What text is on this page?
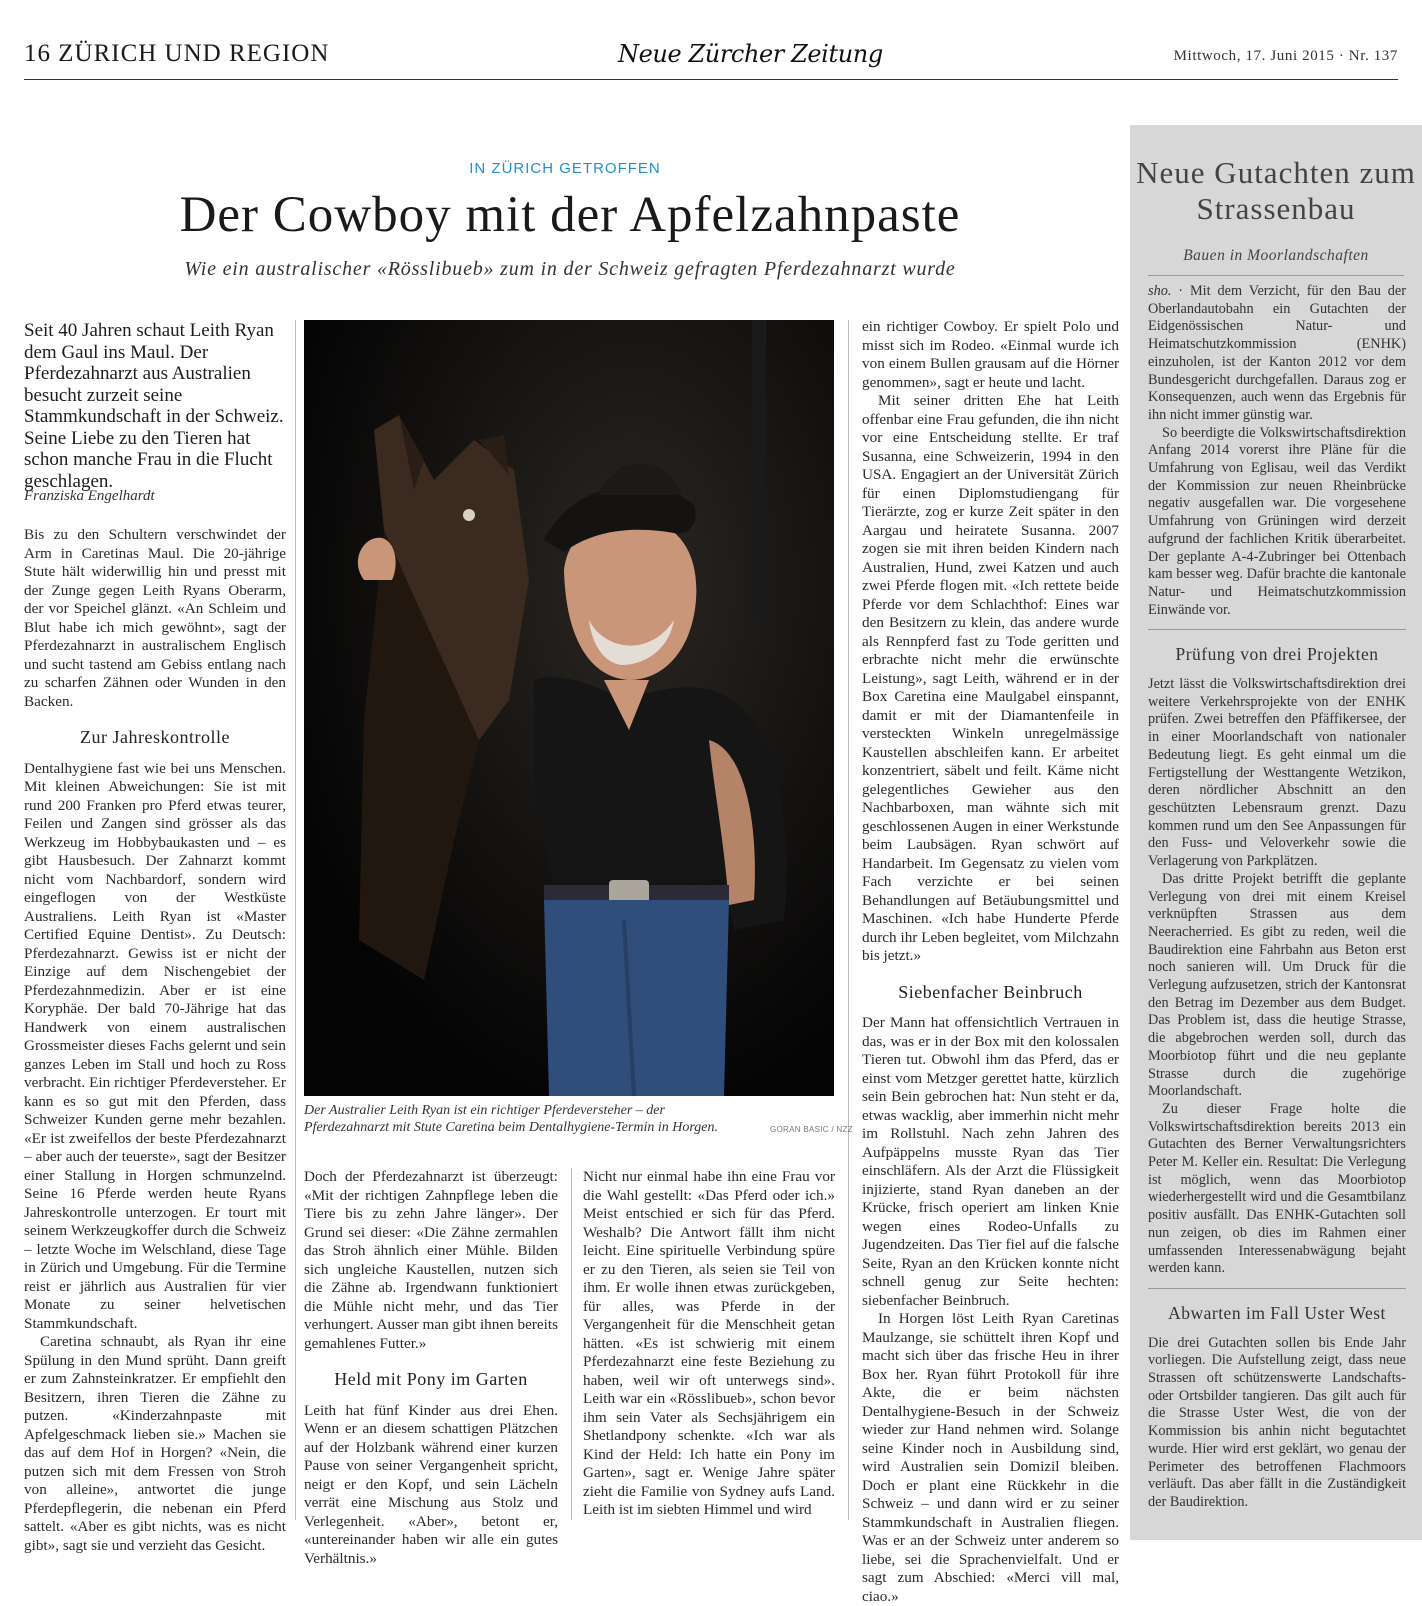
16 ZÜRICH UND REGION	Neue Zürcher Zeitung	Mittwoch, 17. Juni 2015 · Nr. 137
IN ZÜRICH GETROFFEN
Der Cowboy mit der Apfelzahnpaste
Wie ein australischer «Rösslibueb» zum in der Schweiz gefragten Pferdezahnarzt wurde
Seit 40 Jahren schaut Leith Ryan dem Gaul ins Maul. Der Pferdezahnarzt aus Australien besucht zurzeit seine Stammkundschaft in der Schweiz. Seine Liebe zu den Tieren hat schon manche Frau in die Flucht geschlagen.
Franziska Engelhardt

Bis zu den Schultern verschwindet der Arm in Caretinas Maul. Die 20-jährige Stute hält widerwillig hin und presst mit der Zunge gegen Leith Ryans Oberarm, der vor Speichel glänzt. «An Schleim und Blut habe ich mich gewöhnt», sagt der Pferdezahnarzt in australischem Englisch und sucht tastend am Gebiss entlang nach zu scharfen Zähnen oder Wunden in den Backen.

Zur Jahreskontrolle

Dentalhygiene fast wie bei uns Menschen. Mit kleinen Abweichungen: Sie ist mit rund 200 Franken pro Pferd etwas teurer, Feilen und Zangen sind grösser als das Werkzeug im Hobbybaukasten und – es gibt Hausbesuch. Der Zahnarzt kommt nicht vom Nachbardorf, sondern wird eingeflogen von der Westküste Australiens. Leith Ryan ist «Master Certified Equine Dentist». Zu Deutsch: Pferdezahnarzt. Gewiss ist er nicht der Einzige auf dem Nischengebiet der Pferdezahnmedizin. Aber er ist eine Koryphäe. Der bald 70-Jährige hat das Handwerk von einem australischen Grossmeister dieses Fachs gelernt und sein ganzes Leben im Stall und hoch zu Ross verbracht. Ein richtiger Pferdeversteher. Er kann es so gut mit den Pferden, dass Schweizer Kunden gerne mehr bezahlen. «Er ist zweifellos der beste Pferdezahnarzt – aber auch der teuerste», sagt der Besitzer einer Stallung in Horgen schmunzelnd. Seine 16 Pferde werden heute Ryans Jahreskontrolle unterzogen. Er tourt mit seinem Werkzeugkoffer durch die Schweiz – letzte Woche im Welschland, diese Tage in Zürich und Umgebung. Für die Termine reist er jährlich aus Australien für vier Monate zu seiner helvetischen Stammkundschaft.

Caretina schnaubt, als Ryan ihr eine Spülung in den Mund sprüht. Dann greift er zum Zahnsteinkratzer. Er empfiehlt den Besitzern, ihren Tieren die Zähne zu putzen. «Kinderzahnpaste mit Apfelgeschmack lieben sie.» Machen sie das auf dem Hof in Horgen? «Nein, die putzen sich mit dem Fressen von Stroh von alleine», antwortet die junge Pferdepflegerin, die nebenan ein Pferd sattelt. «Aber es gibt nichts, was es nicht gibt», sagt sie und verzieht das Gesicht.

Der Australier Leith Ryan ist ein richtiger Pferdeversteher – der Pferdezahnarzt mit Stute Caretina beim Dentalhygiene-Termin in Horgen.	GORAN BASIC / NZZ

Doch der Pferdezahnarzt ist überzeugt: «Mit der richtigen Zahnpflege leben die Tiere bis zu zehn Jahre länger». Der Grund sei dieser: «Die Zähne zermahlen das Stroh ähnlich einer Mühle. Bilden sich ungleiche Kaustellen, nutzen sich die Zähne ab. Irgendwann funktioniert die Mühle nicht mehr, und das Tier verhungert. Ausser man gibt ihnen bereits gemahlenes Futter.»

Held mit Pony im Garten

Leith hat fünf Kinder aus drei Ehen. Wenn er an diesem schattigen Plätzchen auf der Holzbank während einer kurzen Pause von seiner Vergangenheit spricht, neigt er den Kopf, und sein Lächeln verrät eine Mischung aus Stolz und Verlegenheit. «Aber», betont er, «untereinander haben wir alle ein gutes Verhältnis.»

Nicht nur einmal habe ihn eine Frau vor die Wahl gestellt: «Das Pferd oder ich.» Meist entschied er sich für das Pferd. Weshalb? Die Antwort fällt ihm nicht leicht. Eine spirituelle Verbindung spüre er zu den Tieren, als seien sie Teil von ihm. Er wolle ihnen etwas zurückgeben, für alles, was Pferde in der Vergangenheit für die Menschheit getan hätten. «Es ist schwierig mit einem Pferdezahnarzt eine feste Beziehung zu haben, weil wir oft unterwegs sind». Leith war ein «Rösslibueb», schon bevor ihm sein Vater als Sechsjährigem ein Shetlandpony schenkte. «Ich war als Kind der Held: Ich hatte ein Pony im Garten», sagt er. Wenige Jahre später zieht die Familie von Sydney aufs Land. Leith ist im siebten Himmel und wird

ein richtiger Cowboy. Er spielt Polo und misst sich im Rodeo. «Einmal wurde ich von einem Bullen grausam auf die Hörner genommen», sagt er heute und lacht.

Mit seiner dritten Ehe hat Leith offenbar eine Frau gefunden, die ihn nicht vor eine Entscheidung stellte. Er traf Susanna, eine Schweizerin, 1994 in den USA. Engagiert an der Universität Zürich für einen Diplomstudiengang für Tierärzte, zog er kurze Zeit später in den Aargau und heiratete Susanna. 2007 zogen sie mit ihren beiden Kindern nach Australien, Hund, zwei Katzen und auch zwei Pferde flogen mit. «Ich rettete beide Pferde vor dem Schlachthof: Eines war den Besitzern zu klein, das andere wurde als Rennpferd fast zu Tode geritten und erbrachte nicht mehr die erwünschte Leistung», sagt Leith, während er in der Box Caretina eine Maulgabel einspannt, damit er mit der Diamantenfeile in versteckten Winkeln unregelmässige Kaustellen abschleifen kann. Er arbeitet konzentriert, säbelt und feilt. Käme nicht gelegentliches Gewieher aus den Nachbarboxen, man wähnte sich mit geschlossenen Augen in einer Werkstunde beim Laubsägen. Ryan schwört auf Handarbeit. Im Gegensatz zu vielen vom Fach verzichte er bei seinen Behandlungen auf Betäubungsmittel und Maschinen. «Ich habe Hunderte Pferde durch ihr Leben begleitet, vom Milchzahn bis jetzt.»

Siebenfacher Beinbruch

Der Mann hat offensichtlich Vertrauen in das, was er in der Box mit den kolossalen Tieren tut. Obwohl ihm das Pferd, das er einst vom Metzger gerettet hatte, kürzlich sein Bein gebrochen hat: Nun steht er da, etwas wacklig, aber immerhin nicht mehr im Rollstuhl. Nach zehn Jahren des Aufpäppelns musste Ryan das Tier einschläfern. Als der Arzt die Flüssigkeit injizierte, stand Ryan daneben an der Krücke, frisch operiert am linken Knie wegen eines Rodeo-Unfalls zu Jugendzeiten. Das Tier fiel auf die falsche Seite, Ryan an den Krücken konnte nicht schnell genug zur Seite hechten: siebenfacher Beinbruch.

In Horgen löst Leith Ryan Caretinas Maulzange, sie schüttelt ihren Kopf und macht sich über das frische Heu in ihrer Box her. Ryan führt Protokoll für ihre Akte, die er beim nächsten Dentalhygiene-Besuch in der Schweiz wieder zur Hand nehmen wird. Solange seine Kinder noch in Ausbildung sind, wird Australien sein Domizil bleiben. Doch er plant eine Rückkehr in die Schweiz – und dann wird er zu seiner Stammkundschaft in Australien fliegen. Was er an der Schweiz unter anderem so liebe, sei die Sprachenvielfalt. Und er sagt zum Abschied: «Merci vill mal, ciao.»

Neue Gutachten zum Strassenbau
Bauen in Moorlandschaften

sho. · Mit dem Verzicht, für den Bau der Oberlandautobahn ein Gutachten der Eidgenössischen Natur- und Heimatschutzkommission (ENHK) einzuholen, ist der Kanton 2012 vor dem Bundesgericht durchgefallen. Daraus zog er Konsequenzen, auch wenn das Ergebnis für ihn nicht immer günstig war.

So beerdigte die Volkswirtschaftsdirektion Anfang 2014 vorerst ihre Pläne für die Umfahrung von Eglisau, weil das Verdikt der Kommission zur neuen Rheinbrücke negativ ausgefallen war. Die vorgesehene Umfahrung von Grüningen wird derzeit aufgrund der fachlichen Kritik überarbeitet. Der geplante A-4-Zubringer bei Ottenbach kam besser weg. Dafür brachte die kantonale Natur- und Heimatschutzkommission Einwände vor.

Prüfung von drei Projekten

Jetzt lässt die Volkswirtschaftsdirektion drei weitere Verkehrsprojekte von der ENHK prüfen. Zwei betreffen den Pfäffikersee, der in einer Moorlandschaft von nationaler Bedeutung liegt. Es geht einmal um die Fertigstellung der Westtangente Wetzikon, deren nördlicher Abschnitt an den geschützten Lebensraum grenzt. Dazu kommen rund um den See Anpassungen für den Fuss- und Veloverkehr sowie die Verlagerung von Parkplätzen.

Das dritte Projekt betrifft die geplante Verlegung von drei mit einem Kreisel verknüpften Strassen aus dem Neeracherried. Es gibt zu reden, weil die Baudirektion eine Fahrbahn aus Beton erst noch sanieren will. Um Druck für die Verlegung aufzusetzen, strich der Kantonsrat den Betrag im Dezember aus dem Budget. Das Problem ist, dass die heutige Strasse, die abgebrochen werden soll, durch das Moorbiotop führt und die neu geplante Strasse durch die zugehörige Moorlandschaft.

Zu dieser Frage holte die Volkswirtschaftsdirektion bereits 2013 ein Gutachten des Berner Verwaltungsrichters Peter M. Keller ein. Resultat: Die Verlegung ist möglich, wenn das Moorbiotop wiederhergestellt wird und die Gesamtbilanz positiv ausfällt. Das ENHK-Gutachten soll nun zeigen, ob dies im Rahmen einer umfassenden Interessenabwägung bejaht werden kann.

Abwarten im Fall Uster West

Die drei Gutachten sollen bis Ende Jahr vorliegen. Die Aufstellung zeigt, dass neue Strassen oft schützenswerte Landschafts- oder Ortsbilder tangieren. Das gilt auch für die Strasse Uster West, die von der Kommission bis anhin nicht begutachtet wurde. Hier wird erst geklärt, wo genau der Perimeter des betroffenen Flachmoors verläuft. Das aber fällt in die Zuständigkeit der Baudirektion.
